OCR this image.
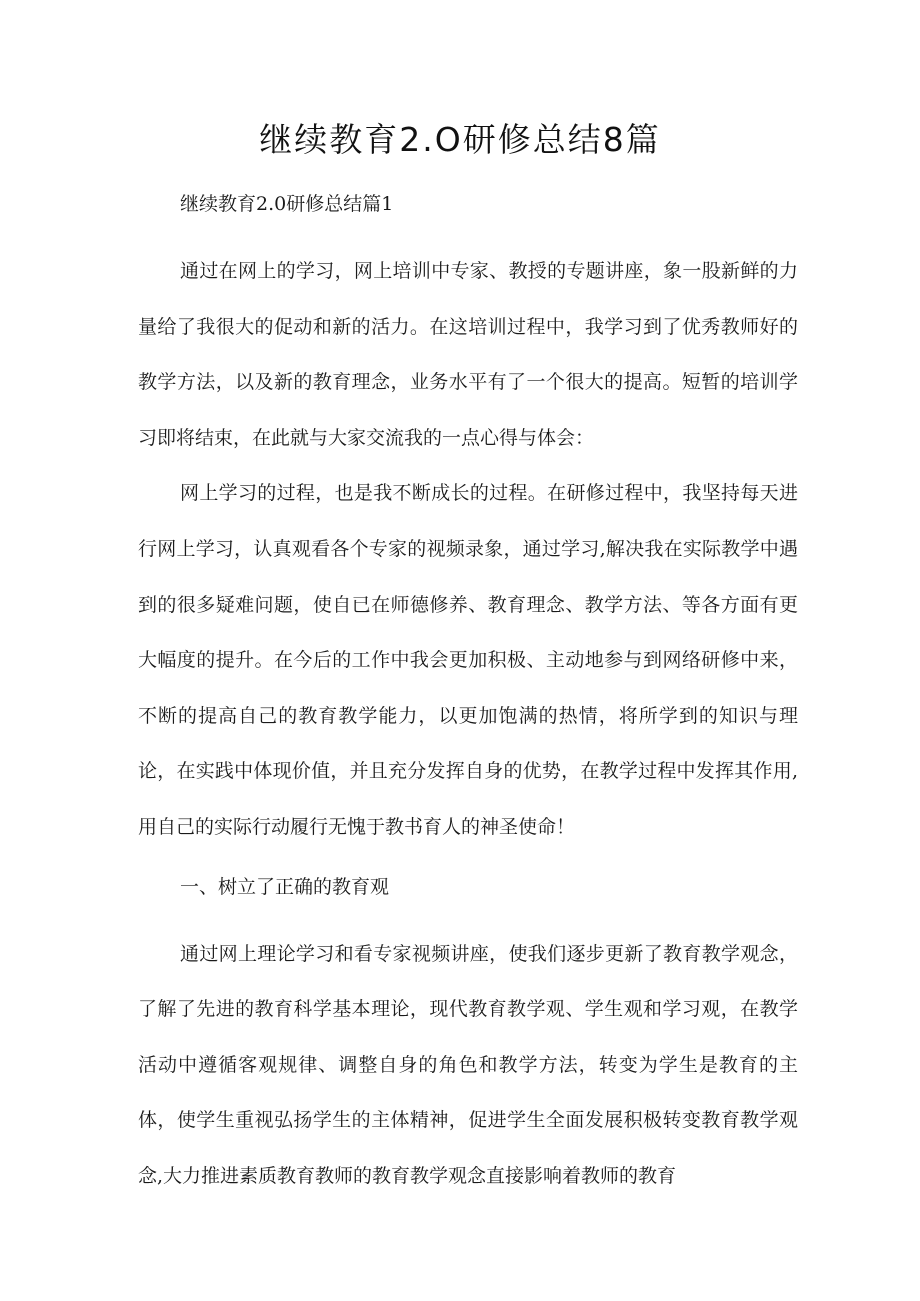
继续教育2.O研修总结8篇

继续教育2.0研修总结篇1

通过在网上的学习，网上培训中专家、教授的专题讲座，象一股新鲜的力量给了我很大的促动和新的活力。在这培训过程中，我学习到了优秀教师好的教学方法，以及新的教育理念，业务水平有了一个很大的提高。短暂的培训学习即将结束，在此就与大家交流我的一点心得与体会：

网上学习的过程，也是我不断成长的过程。在研修过程中，我坚持每天进行网上学习，认真观看各个专家的视频录象，通过学习,解决我在实际教学中遇到的很多疑难问题，使自已在师德修养、教育理念、教学方法、等各方面有更大幅度的提升。在今后的工作中我会更加积极、主动地参与到网络研修中来，不断的提高自己的教育教学能力，以更加饱满的热情，将所学到的知识与理论，在实践中体现价值，并且充分发挥自身的优势，在教学过程中发挥其作用,用自己的实际行动履行无愧于教书育人的神圣使命！

一、树立了正确的教育观

通过网上理论学习和看专家视频讲座，使我们逐步更新了教育教学观念，了解了先进的教育科学基本理论，现代教育教学观、学生观和学习观，在教学活动中遵循客观规律、调整自身的角色和教学方法，转变为学生是教育的主体，使学生重视弘扬学生的主体精神，促进学生全面发展积极转变教育教学观念,大力推进素质教育教师的教育教学观念直接影响着教师的教育
